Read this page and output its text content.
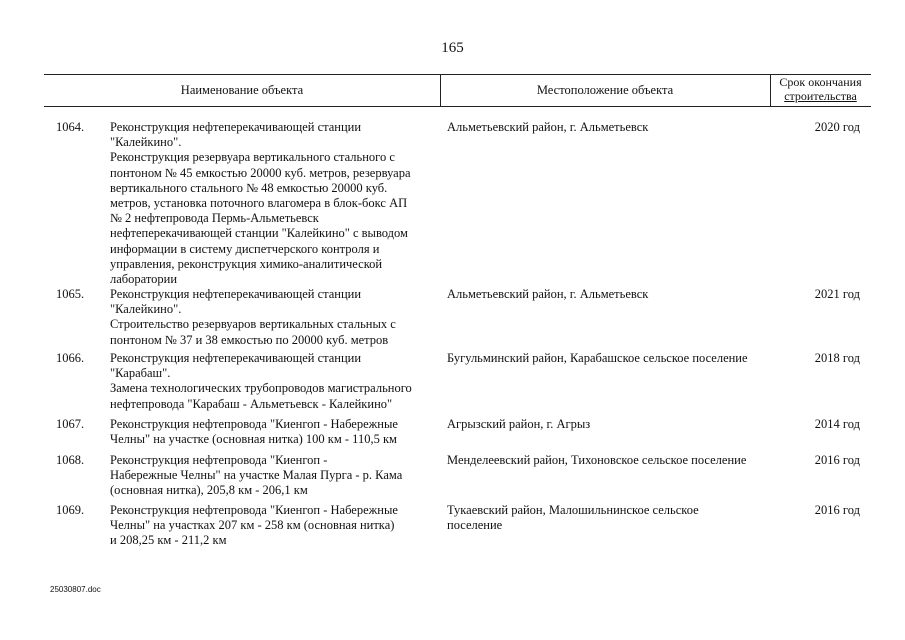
165
Наименование объекта	Местоположение объекта
Срок окончания
строительства
1064.	Реконструкция нефтеперекачивающей станции
"Калейкино".
Реконструкция резервуара вертикального стального с
понтоном № 45 емкостью 20000 куб. метров, резервуара
вертикального стального № 48 емкостью 20000 куб.
метров, установка поточного влагомера в блок-бокс АП
№ 2 нефтепровода Пермь-Альметьевск
нефтеперекачивающей станции "Калейкино" с выводом
информации в систему диспетчерского контроля и
управления, реконструкция химико-аналитической
лаборатории
Альметьевский район, г. Альметьевск	2020 год
1065.	Реконструкция нефтеперекачивающей станции
"Калейкино".
Строительство резервуаров вертикальных стальных с
понтоном № 37 и 38 емкостью по 20000 куб. метров
Альметьевский район, г. Альметьевск	2021 год
1066.	Реконструкция нефтеперекачивающей станции
"Карабаш".
Замена технологических трубопроводов магистрального
нефтепровода "Карабаш - Альметьевск - Калейкино"
Бугульминский район, Карабашское сельское поселение	2018 год
1067.	Реконструкция нефтепровода "Киенгоп - Набережные
Челны" на участке (основная нитка) 100 км - 110,5 км
Агрызский район, г. Агрыз	2014 год
1068.	Реконструкция нефтепровода "Киенгоп -
Набережные Челны" на участке Малая Пурга - р. Кама
(основная нитка), 205,8 км - 206,1 км
Менделеевский район, Тихоновское сельское поселение	2016 год
1069.	Реконструкция нефтепровода "Киенгоп - Набережные
Челны" на участках 207 км - 258 км (основная нитка)
и 208,25 км - 211,2 км
Тукаевский район, Малошильнинское сельское
поселение
2016 год
25030807.doc
